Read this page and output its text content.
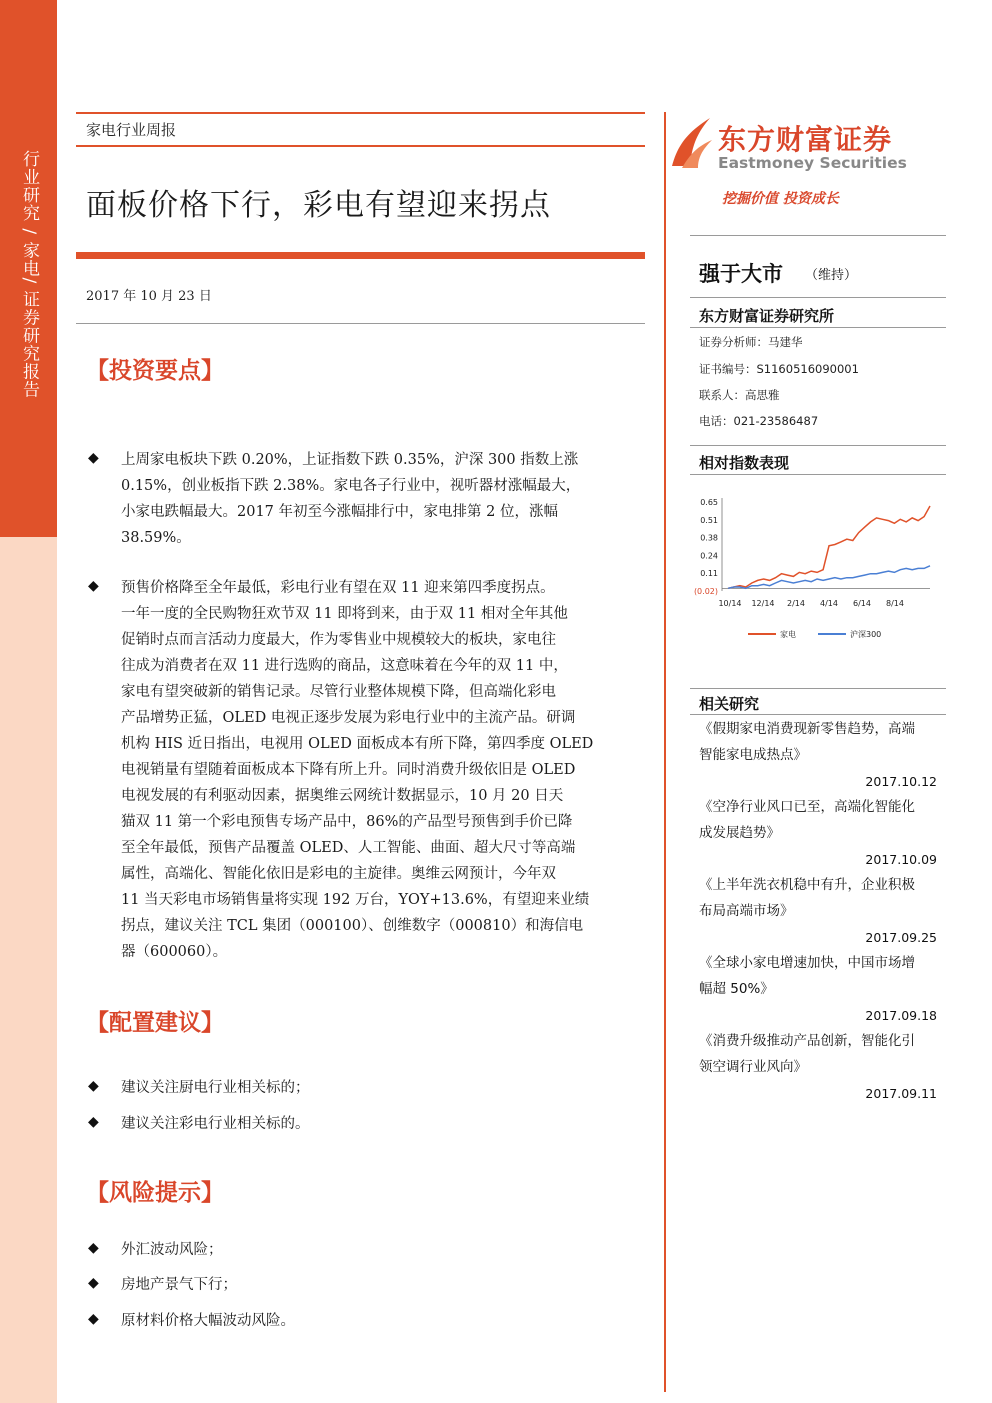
行业研究 / 家电/ 证券研究报告
家电行业周报
面板价格下行，彩电有望迎来拐点
2017 年 10 月 23 日
【投资要点】
◆ 上周家电板块下跌 0.20%，上证指数下跌 0.35%，沪深 300 指数上涨
0.15%，创业板指下跌 2.38%。家电各子行业中，视听器材涨幅最大，
小家电跌幅最大。2017 年初至今涨幅排行中，家电排第 2 位，涨幅
38.59%。
◆ 预售价格降至全年最低，彩电行业有望在双 11 迎来第四季度拐点。
一年一度的全民购物狂欢节双 11 即将到来，由于双 11 相对全年其他
促销时点而言活动力度最大，作为零售业中规模较大的板块，家电往
往成为消费者在双 11 进行选购的商品，这意味着在今年的双 11 中，
家电有望突破新的销售记录。尽管行业整体规模下降，但高端化彩电
产品增势正猛，OLED 电视正逐步发展为彩电行业中的主流产品。研调
机构 HIS 近日指出，电视用 OLED 面板成本有所下降，第四季度 OLED
电视销量有望随着面板成本下降有所上升。同时消费升级依旧是 OLED
电视发展的有利驱动因素，据奥维云网统计数据显示，10 月 20 日天
猫双 11 第一个彩电预售专场产品中，86%的产品型号预售到手价已降
至全年最低，预售产品覆盖 OLED、人工智能、曲面、超大尺寸等高端
属性，高端化、智能化依旧是彩电的主旋律。奥维云网预计，今年双
11 当天彩电市场销售量将实现 192 万台，YOY+13.6%，有望迎来业绩
拐点，建议关注 TCL 集团（000100）、创维数字（000810）和海信电
器（600060）。
【配置建议】
◆ 建议关注厨电行业相关标的；
◆ 建议关注彩电行业相关标的。
【风险提示】
◆ 外汇波动风险；
◆ 房地产景气下行；
◆ 原材料价格大幅波动风险。
东方财富证券
Eastmoney Securities
挖掘价值 投资成长
强于大市 （维持）
东方财富证券研究所
证券分析师：马建华
证书编号：S1160516090001
联系人：高思雅
电话：021-23586487
相对指数表现
0.65
0.51
0.38
0.24
0.11
(0.02)
10/14 12/14 2/14 4/14 6/14 8/14
家电	沪深300
相关研究
《假期家电消费现新零售趋势，高端
智能家电成热点》
2017.10.12
《空净行业风口已至，高端化智能化
成发展趋势》
2017.10.09
《上半年洗衣机稳中有升，企业积极
布局高端市场》
2017.09.25
《全球小家电增速加快，中国市场增
幅超 50%》
2017.09.18
《消费升级推动产品创新，智能化引
领空调行业风向》
2017.09.11
